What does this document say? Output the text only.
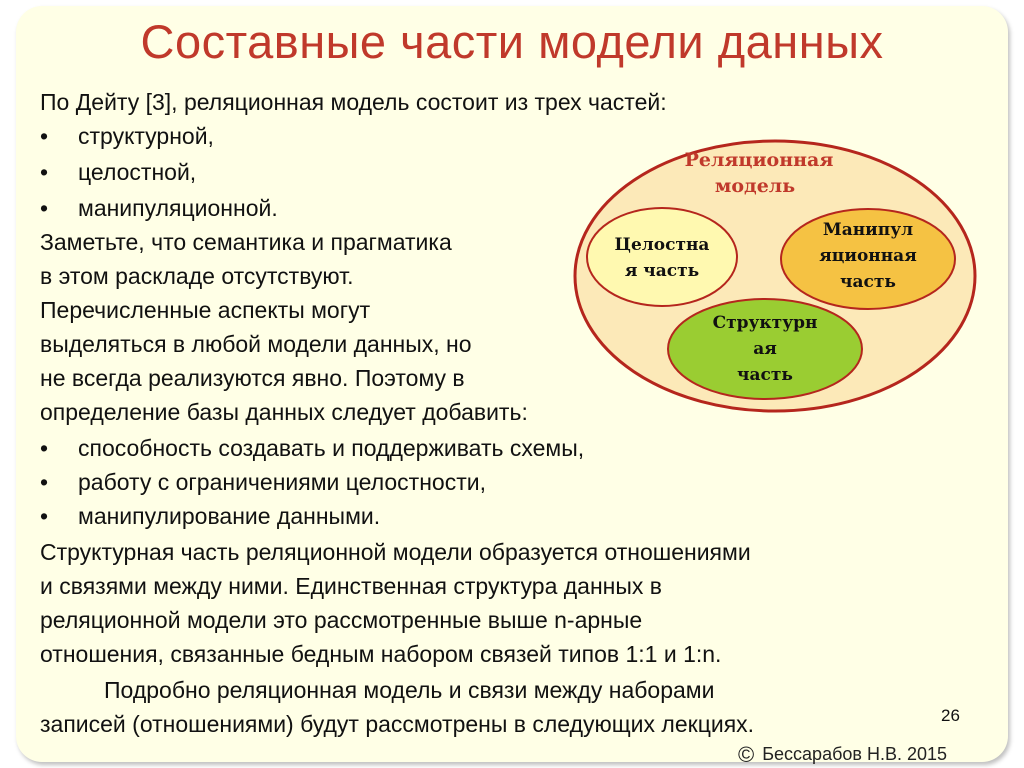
Составные части модели данных
По Дейту [3], реляционная модель состоит из трех частей:
• структурной,
• целостной,
• манипуляционной.
Заметьте, что семантика и прагматика
в этом раскладе отсутствуют.
Перечисленные аспекты могут
выделяться в любой модели данных, но
не всегда реализуются явно. Поэтому в
определение базы данных следует добавить:
• способность создавать и поддерживать схемы,
• работу с ограничениями целостности,
• манипулирование данными.
Структурная часть реляционной модели образуется отношениями
и связями между ними. Единственная структура данных в
реляционной модели это рассмотренные выше n-арные
отношения, связанные бедным набором связей типов 1:1 и 1:n.
Подробно реляционная модель и связи между наборами
записей (отношениями) будут рассмотрены в следующих лекциях.	26
© Бессарабов Н.В. 2015
Реляционная
модель
Целостна
я часть
Манипул
яционная
часть
Структурн
ая
часть
